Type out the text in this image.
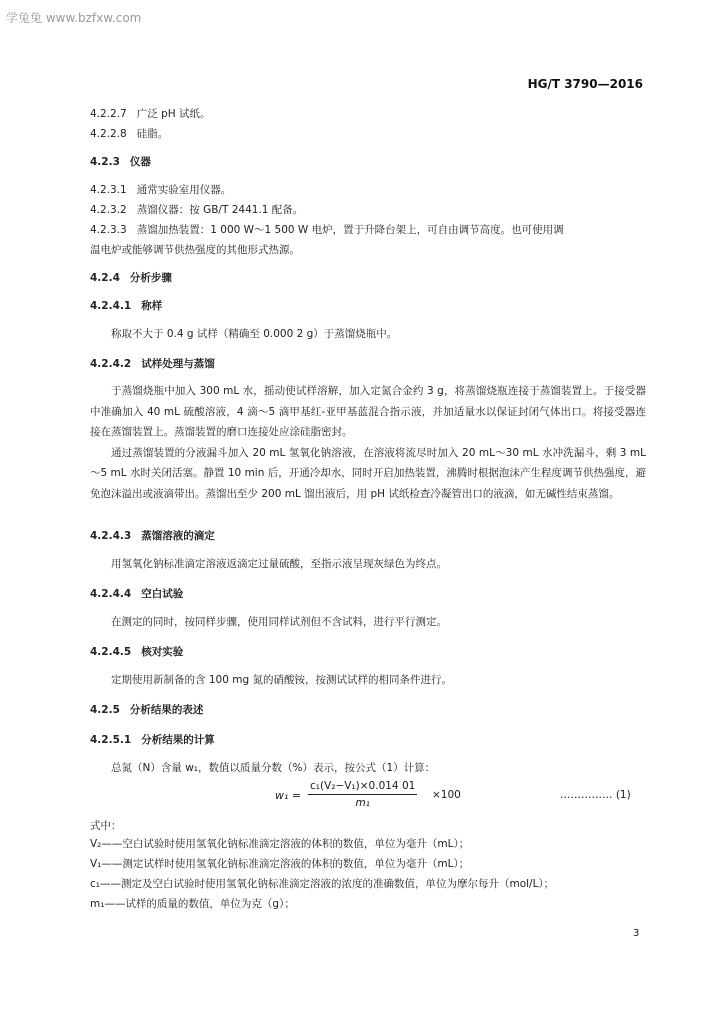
学兔兔 www.bzfxw.com
HG/T 3790—2016
4.2.2.7 广泛 pH 试纸。
4.2.2.8 硅脂。
4.2.3 仪器
4.2.3.1 通常实验室用仪器。
4.2.3.2 蒸馏仪器：按 GB/T 2441.1 配备。
4.2.3.3 蒸馏加热装置：1 000 W～1 500 W 电炉，置于升降台架上，可自由调节高度。也可使用调
温电炉或能够调节供热强度的其他形式热源。
4.2.4 分析步骤
4.2.4.1 称样
称取不大于 0.4 g 试样（精确至 0.000 2 g）于蒸馏烧瓶中。
4.2.4.2 试样处理与蒸馏

于蒸馏烧瓶中加入 300 mL 水，摇动使试样溶解，加入定氮合金约 3 g，将蒸馏烧瓶连接于蒸馏装置上。于接受器中准确加入 40 mL 硫酸溶液，4 滴～5 滴甲基红-亚甲基蓝混合指示液，并加适量水以保证封闭气体出口。将接受器连接在蒸馏装置上。蒸馏装置的磨口连接处应涂硅脂密封。

通过蒸馏装置的分液漏斗加入 20 mL 氢氧化钠溶液，在溶液将流尽时加入 20 mL～30 mL 水冲洗漏斗，剩 3 mL～5 mL 水时关闭活塞。静置 10 min 后，开通冷却水，同时开启加热装置，沸腾时根据泡沫产生程度调节供热强度，避免泡沫溢出或液滴带出。蒸馏出至少 200 mL 馏出液后，用 pH 试纸检查冷凝管出口的液滴，如无碱性结束蒸馏。

4.2.4.3 蒸馏溶液的滴定
用氢氧化钠标准滴定溶液返滴定过量硫酸，至指示液呈现灰绿色为终点。
4.2.4.4 空白试验
在测定的同时，按同样步骤，使用同样试剂但不含试料，进行平行测定。
4.2.4.5 核对实验
定期使用新制备的含 100 mg 氮的硝酸铵，按测试试样的相同条件进行。
4.2.5 分析结果的表述
4.2.5.1 分析结果的计算
总氮（N）含量 w₁，数值以质量分数（%）表示，按公式（1）计算：
$w_1 = \frac{\text{c₁(V₂−V₁)×0.014 01}}{\text{m₁}} \times 100$	…………… (1)
式中：
V₂——空白试验时使用氢氧化钠标准滴定溶液的体积的数值，单位为毫升（mL）；
V₁——测定试样时使用氢氧化钠标准滴定溶液的体积的数值，单位为毫升（mL）；
c₁——测定及空白试验时使用氢氧化钠标准滴定溶液的浓度的准确数值，单位为摩尔每升（mol/L）；
m₁——试样的质量的数值，单位为克（g）；
3
